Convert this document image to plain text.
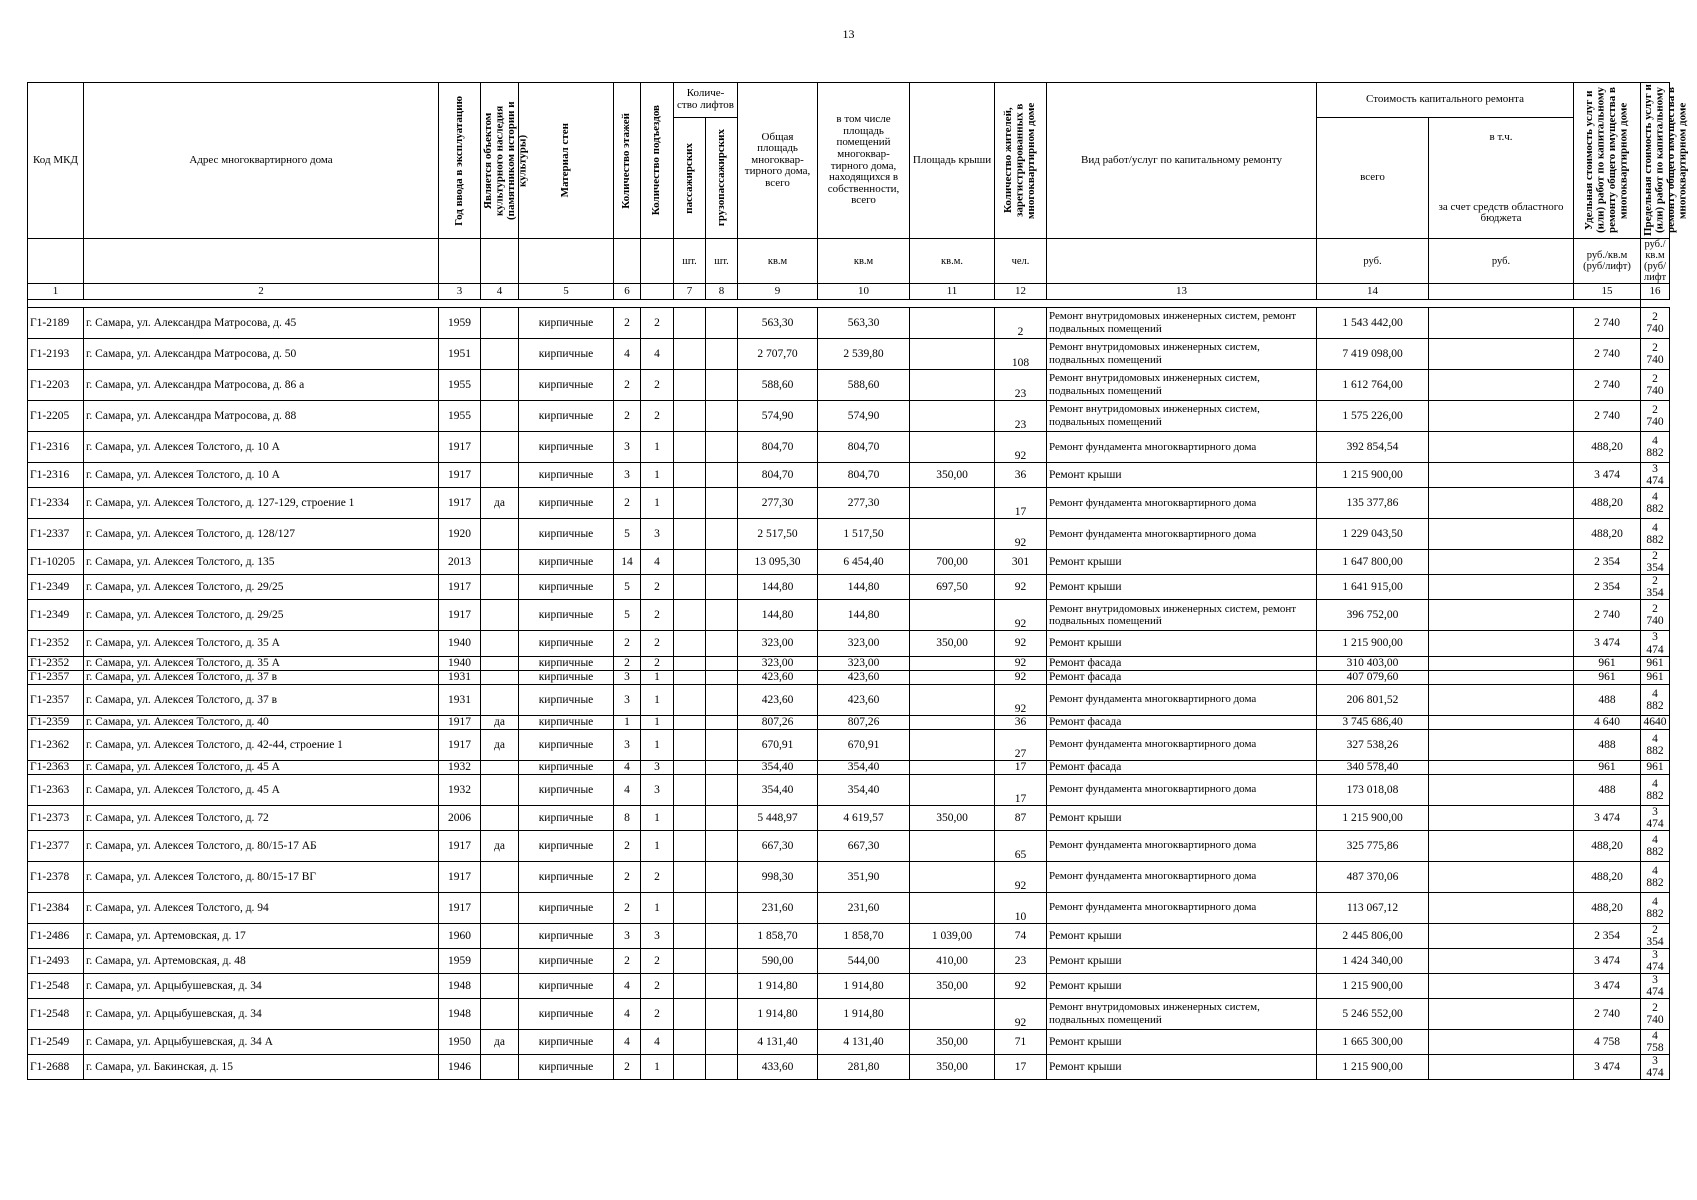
13
Код МКД	Адрес многоквартирного дома	Год ввода в эксплуатацию	Является объектом культурного наследия (памятником истории и культуры)	Материал стен	Количество этажей	Количество подъездов	Количе- ство лифтов		Общая площадь многоквар- тирного дома, всего	в том числе площадь помещений многоквар- тирного дома, находящихся в собственности, всего	Площадь крыши	Количество жителей, зарегистрированных в многоквартирном доме	Вид работ/услуг по капитальному ремонту	Стоимость капитального ремонта		Удельная стоимость услуг и (или) работ по капитальному ремонту общего имущества в многоквартирном доме	Предельная стоимость услуг и (или) работ по капитальному ремонту общего имущества в многоквартирном доме

														всего	в т.ч.
за счет средств областного бюджета		

							пассажирских	грузопассажирских									

							шт.	шт.	кв.м	кв.м	кв.м.	чел.		руб.	руб.	руб./кв.м (руб/лифт)	руб./кв.м (руб/лифт
1	2	3	4	5	6		7	8	9	10	11	12	13	14		15	16

Г1-2189	г. Самара, ул. Александра Матросова, д. 45	1959		кирпичные	2	2			563,30	563,30		2	Ремонт внутридомовых инженерных систем, ремонт подвальных помещений	1 543 442,00		2 740	2 740
Г1-2193	г. Самара, ул. Александра Матросова, д. 50	1951		кирпичные	4	4			2 707,70	2 539,80		108	Ремонт внутридомовых инженерных систем, подвальных помещений	7 419 098,00		2 740	2 740
Г1-2203	г. Самара, ул. Александра Матросова, д. 86 а	1955		кирпичные	2	2			588,60	588,60		23	Ремонт внутридомовых инженерных систем, подвальных помещений	1 612 764,00		2 740	2 740
Г1-2205	г. Самара, ул. Александра Матросова, д. 88	1955		кирпичные	2	2			574,90	574,90		23	Ремонт внутридомовых инженерных систем, подвальных помещений	1 575 226,00		2 740	2 740
Г1-2316	г. Самара, ул. Алексея Толстого, д. 10 А	1917		кирпичные	3	1			804,70	804,70		92	Ремонт фундамента многоквартирного дома	392 854,54		488,20	4 882
Г1-2316	г. Самара, ул. Алексея Толстого, д. 10 А	1917		кирпичные	3	1			804,70	804,70	350,00	36	Ремонт крыши	1 215 900,00		3 474	3 474
Г1-2334	г. Самара, ул. Алексея Толстого, д. 127-129, строение 1	1917	да	кирпичные	2	1			277,30	277,30		17	Ремонт фундамента многоквартирного дома	135 377,86		488,20	4 882
Г1-2337	г. Самара, ул. Алексея Толстого, д. 128/127	1920		кирпичные	5	3			2 517,50	1 517,50		92	Ремонт фундамента многоквартирного дома	1 229 043,50		488,20	4 882
Г1-10205	г. Самара, ул. Алексея Толстого, д. 135	2013		кирпичные	14	4			13 095,30	6 454,40	700,00	301	Ремонт крыши	1 647 800,00		2 354	2 354
Г1-2349	г. Самара, ул. Алексея Толстого, д. 29/25	1917		кирпичные	5	2			144,80	144,80	697,50	92	Ремонт крыши	1 641 915,00		2 354	2 354
Г1-2349	г. Самара, ул. Алексея Толстого, д. 29/25	1917		кирпичные	5	2			144,80	144,80		92	Ремонт внутридомовых инженерных систем, ремонт подвальных помещений	396 752,00		2 740	2 740
Г1-2352	г. Самара, ул. Алексея Толстого, д. 35 А	1940		кирпичные	2	2			323,00	323,00	350,00	92	Ремонт крыши	1 215 900,00		3 474	3 474
Г1-2352	г. Самара, ул. Алексея Толстого, д. 35 А	1940		кирпичные	2	2			323,00	323,00		92	Ремонт фасада	310 403,00		961	961
Г1-2357	г. Самара, ул. Алексея Толстого, д. 37 в	1931		кирпичные	3	1			423,60	423,60		92	Ремонт фасада	407 079,60		961	961
Г1-2357	г. Самара, ул. Алексея Толстого, д. 37 в	1931		кирпичные	3	1			423,60	423,60		92	Ремонт фундамента многоквартирного дома	206 801,52		488	4 882
Г1-2359	г. Самара, ул. Алексея Толстого, д. 40	1917	да	кирпичные	1	1			807,26	807,26		36	Ремонт фасада	3 745 686,40		4 640	4640
Г1-2362	г. Самара, ул. Алексея Толстого, д. 42-44, строение 1	1917	да	кирпичные	3	1			670,91	670,91		27	Ремонт фундамента многоквартирного дома	327 538,26		488	4 882
Г1-2363	г. Самара, ул. Алексея Толстого, д. 45 А	1932		кирпичные	4	3			354,40	354,40		17	Ремонт фасада	340 578,40		961	961
Г1-2363	г. Самара, ул. Алексея Толстого, д. 45 А	1932		кирпичные	4	3			354,40	354,40		17	Ремонт фундамента многоквартирного дома	173 018,08		488	4 882
Г1-2373	г. Самара, ул. Алексея Толстого, д. 72	2006		кирпичные	8	1			5 448,97	4 619,57	350,00	87	Ремонт крыши	1 215 900,00		3 474	3 474
Г1-2377	г. Самара, ул. Алексея Толстого, д. 80/15-17 АБ	1917	да	кирпичные	2	1			667,30	667,30		65	Ремонт фундамента многоквартирного дома	325 775,86		488,20	4 882
Г1-2378	г. Самара, ул. Алексея Толстого, д. 80/15-17 ВГ	1917		кирпичные	2	2			998,30	351,90		92	Ремонт фундамента многоквартирного дома	487 370,06		488,20	4 882
Г1-2384	г. Самара, ул. Алексея Толстого, д. 94	1917		кирпичные	2	1			231,60	231,60		10	Ремонт фундамента многоквартирного дома	113 067,12		488,20	4 882
Г1-2486	г. Самара, ул. Артемовская, д. 17	1960		кирпичные	3	3			1 858,70	1 858,70	1 039,00	74	Ремонт крыши	2 445 806,00		2 354	2 354
Г1-2493	г. Самара, ул. Артемовская, д. 48	1959		кирпичные	2	2			590,00	544,00	410,00	23	Ремонт крыши	1 424 340,00		3 474	3 474
Г1-2548	г. Самара, ул. Арцыбушевская, д. 34	1948		кирпичные	4	2			1 914,80	1 914,80	350,00	92	Ремонт крыши	1 215 900,00		3 474	3 474
Г1-2548	г. Самара, ул. Арцыбушевская, д. 34	1948		кирпичные	4	2			1 914,80	1 914,80		92	Ремонт внутридомовых инженерных систем, подвальных помещений	5 246 552,00		2 740	2 740
Г1-2549	г. Самара, ул. Арцыбушевская, д. 34 А	1950	да	кирпичные	4	4			4 131,40	4 131,40	350,00	71	Ремонт крыши	1 665 300,00		4 758	4 758
Г1-2688	г. Самара, ул. Бакинская, д. 15	1946		кирпичные	2	1			433,60	281,80	350,00	17	Ремонт крыши	1 215 900,00		3 474	3 474
